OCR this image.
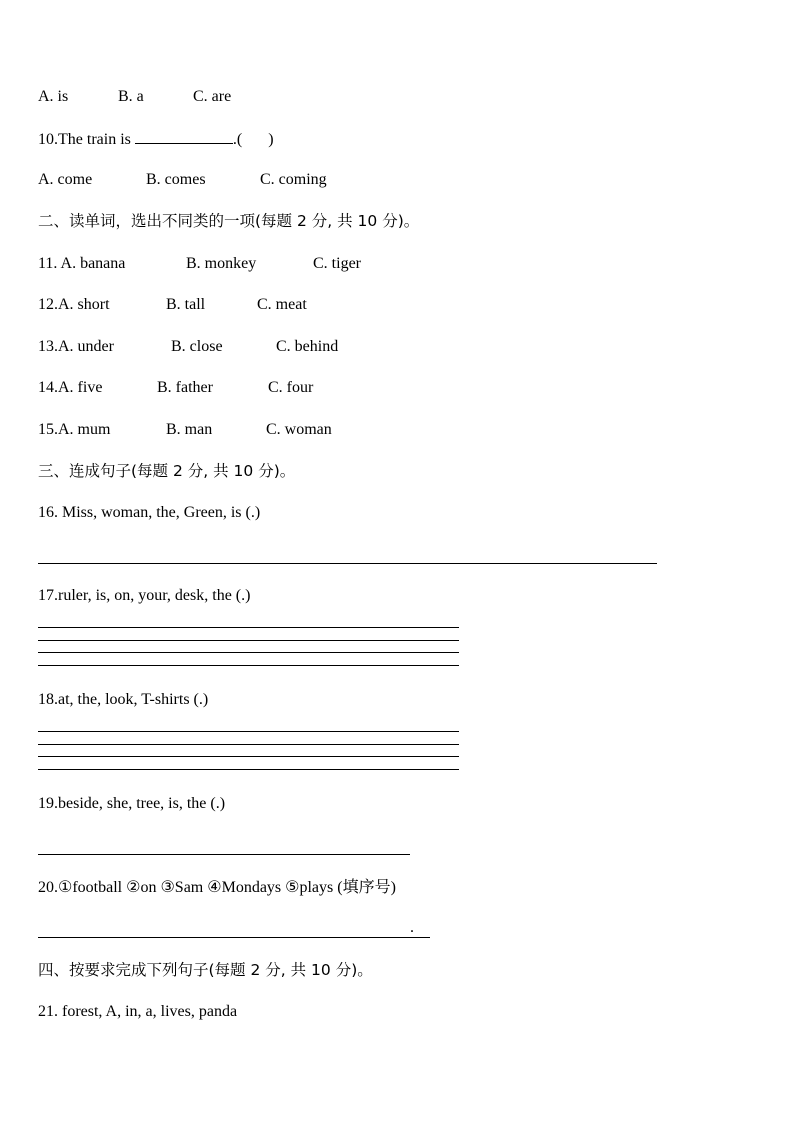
A. is	B. a	C. are
10.The train is	.( )
A. come	B. comes	C. coming
二、读单词，选出不同类的一项(每题 2 分, 共 10 分)。
11. A. banana	B. monkey	C. tiger
12.A. short	B. tall	C. meat
13.A. under	B. close	C. behind
14.A. five	B. father	C. four
15.A. mum	B. man	C. woman
三、连成句子(每题 2 分, 共 10 分)。
16. Miss, woman, the, Green, is (.)
17.ruler, is, on, your, desk, the (.)
18.at, the, look, T-shirts (.)
19.beside, she, tree, is, the (.)
20.①football ②on ③Sam ④Mondays ⑤plays (填序号)
.
四、按要求完成下列句子(每题 2 分, 共 10 分)。
21. forest, A, in, a, lives, panda
